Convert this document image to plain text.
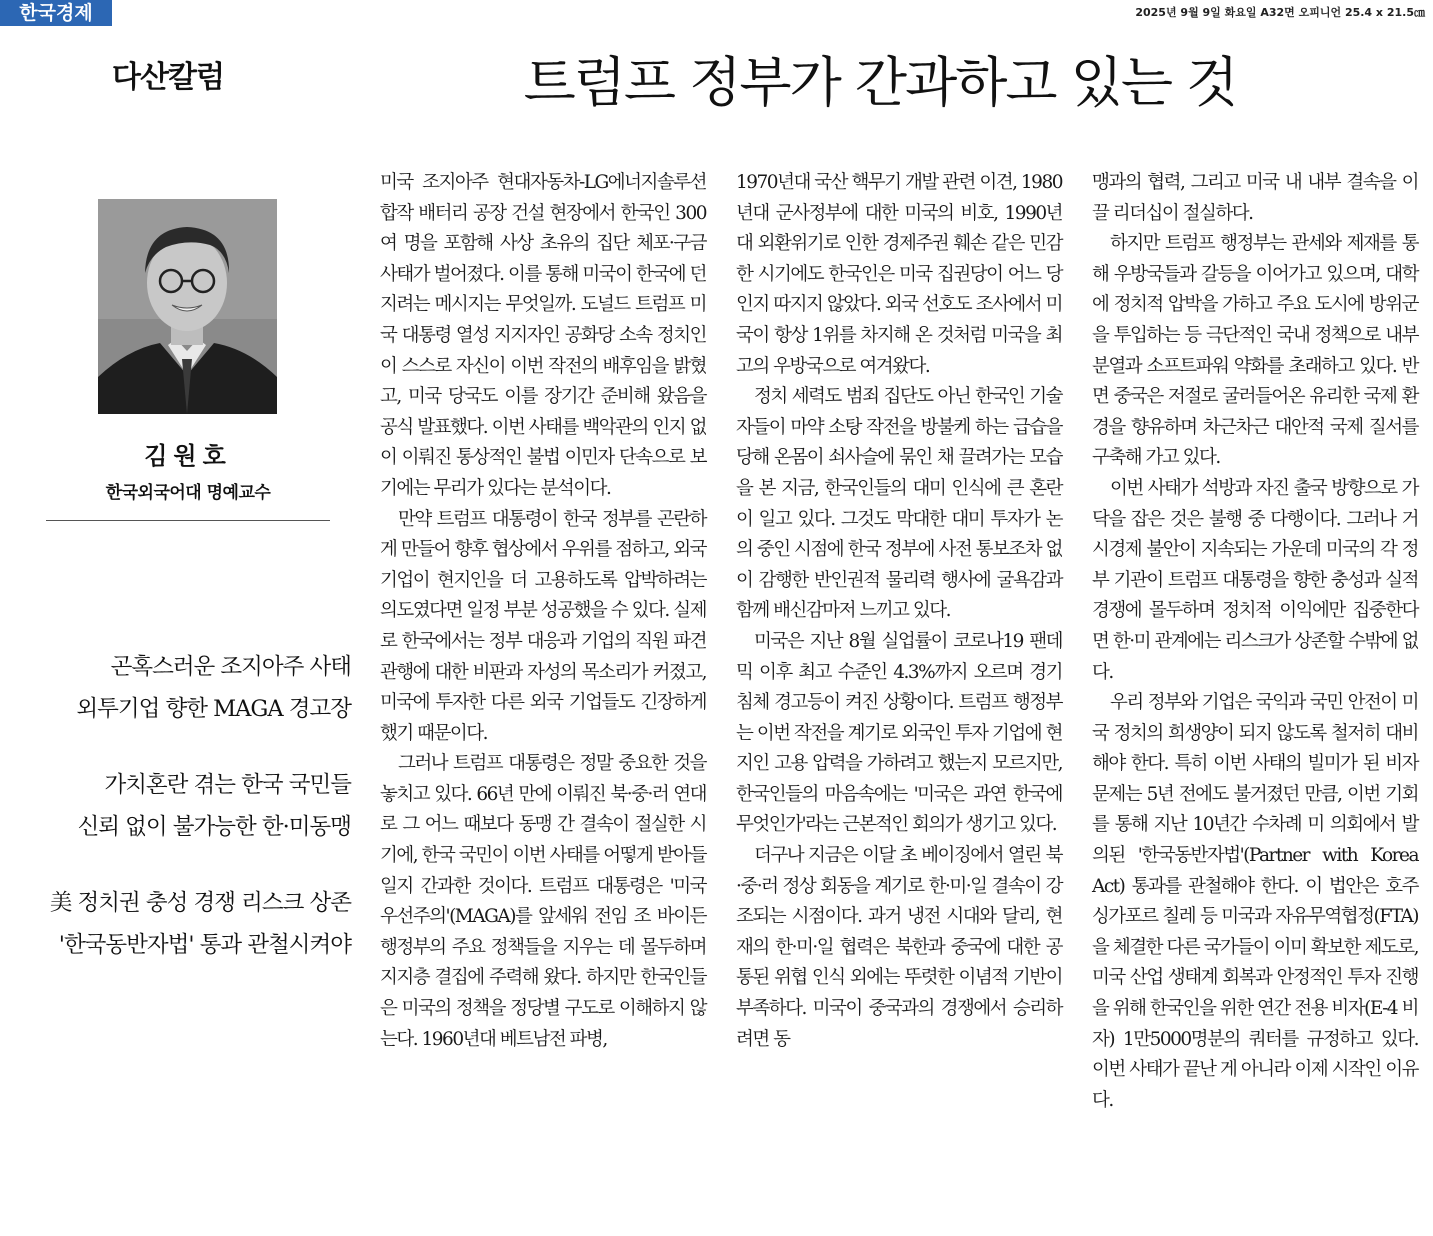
한국경제	2025년 9월 9일 화요일 A32면 오피니언 25.4 x 21.5㎝
다산칼럼	트럼프 정부가 간과하고 있는 것
김원호
한국외국어대 명예교수
곤혹스러운 조지아주 사태
외투기업 향한 MAGA 경고장
가치혼란 겪는 한국 국민들
신뢰 없이 불가능한 한·미동맹
美 정치권 충성 경쟁 리스크 상존
'한국동반자법' 통과 관철시켜야

미국 조지아주 현대자동차-LG에너지솔루션 합작 배터리 공장 건설 현장에서 한국인 300여 명을 포함해 사상 초유의 집단 체포·구금 사태가 벌어졌다. 이를 통해 미국이 한국에 던지려는 메시지는 무엇일까. 도널드 트럼프 미국 대통령 열성 지지자인 공화당 소속 정치인이 스스로 자신이 이번 작전의 배후임을 밝혔고, 미국 당국도 이를 장기간 준비해 왔음을 공식 발표했다. 이번 사태를 백악관의 인지 없이 이뤄진 통상적인 불법 이민자 단속으로 보기에는 무리가 있다는 분석이다.

만약 트럼프 대통령이 한국 정부를 곤란하게 만들어 향후 협상에서 우위를 점하고, 외국 기업이 현지인을 더 고용하도록 압박하려는 의도였다면 일정 부분 성공했을 수 있다. 실제로 한국에서는 정부 대응과 기업의 직원 파견 관행에 대한 비판과 자성의 목소리가 커졌고, 미국에 투자한 다른 외국 기업들도 긴장하게 했기 때문이다.

그러나 트럼프 대통령은 정말 중요한 것을 놓치고 있다. 66년 만에 이뤄진 북·중·러 연대로 그 어느 때보다 동맹 간 결속이 절실한 시기에, 한국 국민이 이번 사태를 어떻게 받아들일지 간과한 것이다. 트럼프 대통령은 '미국 우선주의'(MAGA)를 앞세워 전임 조 바이든 행정부의 주요 정책들을 지우는 데 몰두하며 지지층 결집에 주력해 왔다. 하지만 한국인들은 미국의 정책을 정당별 구도로 이해하지 않는다. 1960년대 베트남전 파병,

1970년대 국산 핵무기 개발 관련 이견, 1980년대 군사정부에 대한 미국의 비호, 1990년대 외환위기로 인한 경제주권 훼손 같은 민감한 시기에도 한국인은 미국 집권당이 어느 당인지 따지지 않았다. 외국 선호도 조사에서 미국이 항상 1위를 차지해 온 것처럼 미국을 최고의 우방국으로 여겨왔다.

정치 세력도 범죄 집단도 아닌 한국인 기술자들이 마약 소탕 작전을 방불케 하는 급습을 당해 온몸이 쇠사슬에 묶인 채 끌려가는 모습을 본 지금, 한국인들의 대미 인식에 큰 혼란이 일고 있다. 그것도 막대한 대미 투자가 논의 중인 시점에 한국 정부에 사전 통보조차 없이 감행한 반인권적 물리력 행사에 굴욕감과 함께 배신감마저 느끼고 있다.

미국은 지난 8월 실업률이 코로나19 팬데믹 이후 최고 수준인 4.3%까지 오르며 경기 침체 경고등이 켜진 상황이다. 트럼프 행정부는 이번 작전을 계기로 외국인 투자 기업에 현지인 고용 압력을 가하려고 했는지 모르지만, 한국인들의 마음속에는 '미국은 과연 한국에 무엇인가'라는 근본적인 회의가 생기고 있다.

더구나 지금은 이달 초 베이징에서 열린 북·중·러 정상 회동을 계기로 한·미·일 결속이 강조되는 시점이다. 과거 냉전 시대와 달리, 현재의 한·미·일 협력은 북한과 중국에 대한 공통된 위협 인식 외에는 뚜렷한 이념적 기반이 부족하다. 미국이 중국과의 경쟁에서 승리하려면 동

맹과의 협력, 그리고 미국 내 내부 결속을 이끌 리더십이 절실하다.

하지만 트럼프 행정부는 관세와 제재를 통해 우방국들과 갈등을 이어가고 있으며, 대학에 정치적 압박을 가하고 주요 도시에 방위군을 투입하는 등 극단적인 국내 정책으로 내부 분열과 소프트파워 약화를 초래하고 있다. 반면 중국은 저절로 굴러들어온 유리한 국제 환경을 향유하며 차근차근 대안적 국제 질서를 구축해 가고 있다.

이번 사태가 석방과 자진 출국 방향으로 가닥을 잡은 것은 불행 중 다행이다. 그러나 거시경제 불안이 지속되는 가운데 미국의 각 정부 기관이 트럼프 대통령을 향한 충성과 실적 경쟁에 몰두하며 정치적 이익에만 집중한다면 한·미 관계에는 리스크가 상존할 수밖에 없다.

우리 정부와 기업은 국익과 국민 안전이 미국 정치의 희생양이 되지 않도록 철저히 대비해야 한다. 특히 이번 사태의 빌미가 된 비자 문제는 5년 전에도 불거졌던 만큼, 이번 기회를 통해 지난 10년간 수차례 미 의회에서 발의된 '한국동반자법'(Partner with Korea Act) 통과를 관철해야 한다. 이 법안은 호주 싱가포르 칠레 등 미국과 자유무역협정(FTA)을 체결한 다른 국가들이 이미 확보한 제도로, 미국 산업 생태계 회복과 안정적인 투자 진행을 위해 한국인을 위한 연간 전용 비자(E-4 비자) 1만5000명분의 쿼터를 규정하고 있다. 이번 사태가 끝난 게 아니라 이제 시작인 이유다.
